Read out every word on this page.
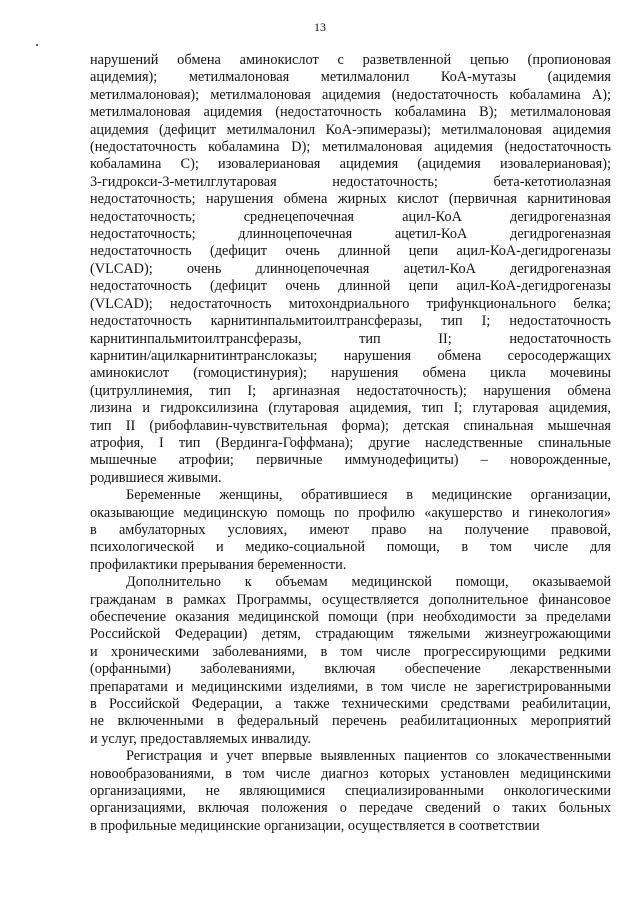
13
нарушений обмена аминокислот с разветвленной цепью (пропионовая
ацидемия); метилмалоновая метилмалонил КоА-мутазы (ацидемия
метилмалоновая); метилмалоновая ацидемия (недостаточность кобаламина А);
метилмалоновая ацидемия (недостаточность кобаламина В); метилмалоновая
ацидемия (дефицит метилмалонил КоА-эпимеразы); метилмалоновая ацидемия
(недостаточность кобаламина D); метилмалоновая ацидемия (недостаточность
кобаламина С); изовалериановая ацидемия (ацидемия изовалериановая);
3-гидрокси-3-метилглутаровая недостаточность; бета-кетотиолазная
недостаточность; нарушения обмена жирных кислот (первичная карнитиновая
недостаточность; среднецепочечная ацил-КоА дегидрогеназная
недостаточность; длинноцепочечная ацетил-КоА дегидрогеназная
недостаточность (дефицит очень длинной цепи ацил-КоА-дегидрогеназы
(VLCAD); очень длинноцепочечная ацетил-КоА дегидрогеназная
недостаточность (дефицит очень длинной цепи ацил-КоА-дегидрогеназы
(VLCAD); недостаточность митохондриального трифункционального белка;
недостаточность карнитинпальмитоилтрансферазы, тип I; недостаточность
карнитинпальмитоилтрансферазы, тип II; недостаточность
карнитин/ацилкарнитинтранслоказы; нарушения обмена серосодержащих
аминокислот (гомоцистинурия); нарушения обмена цикла мочевины
(цитруллинемия, тип I; аргиназная недостаточность); нарушения обмена
лизина и гидроксилизина (глутаровая ацидемия, тип I; глутаровая ацидемия,
тип II (рибофлавин-чувствительная форма); детская спинальная мышечная
атрофия, I тип (Вердинга-Гоффмана); другие наследственные спинальные
мышечные атрофии; первичные иммунодефициты) – новорожденные,
родившиеся живыми.
Беременные женщины, обратившиеся в медицинские организации,
оказывающие медицинскую помощь по профилю «акушерство и гинекология»
в амбулаторных условиях, имеют право на получение правовой,
психологической и медико-социальной помощи, в том числе для
профилактики прерывания беременности.
Дополнительно к объемам медицинской помощи, оказываемой
гражданам в рамках Программы, осуществляется дополнительное финансовое
обеспечение оказания медицинской помощи (при необходимости за пределами
Российской Федерации) детям, страдающим тяжелыми жизнеугрожающими
и хроническими заболеваниями, в том числе прогрессирующими редкими
(орфанными) заболеваниями, включая обеспечение лекарственными
препаратами и медицинскими изделиями, в том числе не зарегистрированными
в Российской Федерации, а также техническими средствами реабилитации,
не включенными в федеральный перечень реабилитационных мероприятий
и услуг, предоставляемых инвалиду.
Регистрация и учет впервые выявленных пациентов со злокачественными
новообразованиями, в том числе диагноз которых установлен медицинскими
организациями, не являющимися специализированными онкологическими
организациями, включая положения о передаче сведений о таких больных
в профильные медицинские организации, осуществляется в соответствии
